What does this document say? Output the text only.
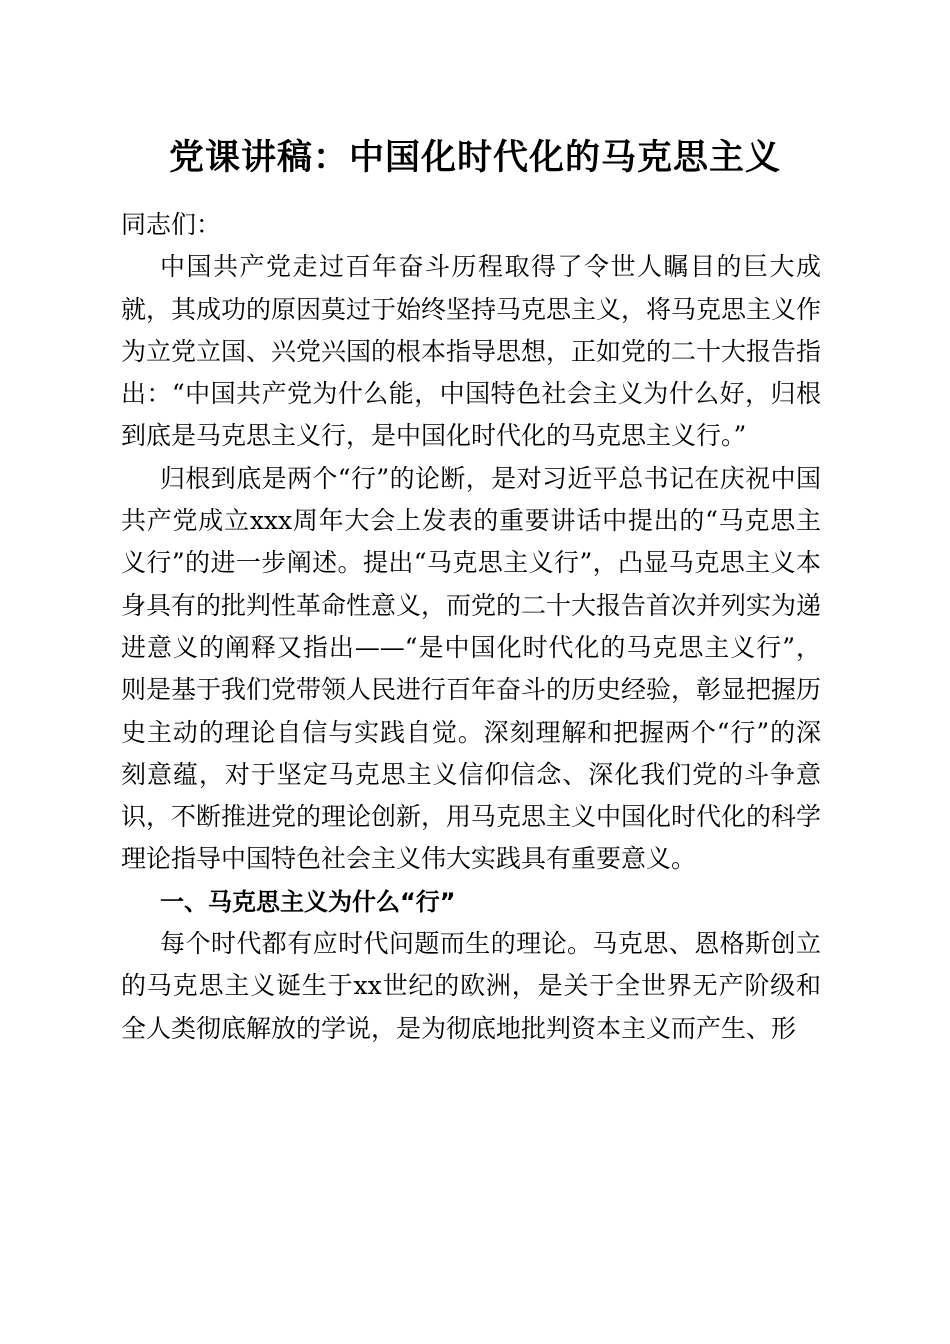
党课讲稿：中国化时代化的马克思主义

同志们：

中国共产党走过百年奋斗历程取得了令世人瞩目的巨大成就，其成功的原因莫过于始终坚持马克思主义，将马克思主义作为立党立国、兴党兴国的根本指导思想，正如党的二十大报告指出：“中国共产党为什么能，中国特色社会主义为什么好，归根到底是马克思主义行，是中国化时代化的马克思主义行。”

归根到底是两个“行”的论断，是对习近平总书记在庆祝中国共产党成立xxx周年大会上发表的重要讲话中提出的“马克思主义行”的进一步阐述。提出“马克思主义行”，凸显马克思主义本身具有的批判性革命性意义，而党的二十大报告首次并列实为递进意义的阐释又指出——“是中国化时代化的马克思主义行”，则是基于我们党带领人民进行百年奋斗的历史经验，彰显把握历史主动的理论自信与实践自觉。深刻理解和把握两个“行”的深刻意蕴，对于坚定马克思主义信仰信念、深化我们党的斗争意识，不断推进党的理论创新，用马克思主义中国化时代化的科学理论指导中国特色社会主义伟大实践具有重要意义。

一、马克思主义为什么“行”

每个时代都有应时代问题而生的理论。马克思、恩格斯创立的马克思主义诞生于xx世纪的欧洲，是关于全世界无产阶级和全人类彻底解放的学说，是为彻底地批判资本主义而产生、形
